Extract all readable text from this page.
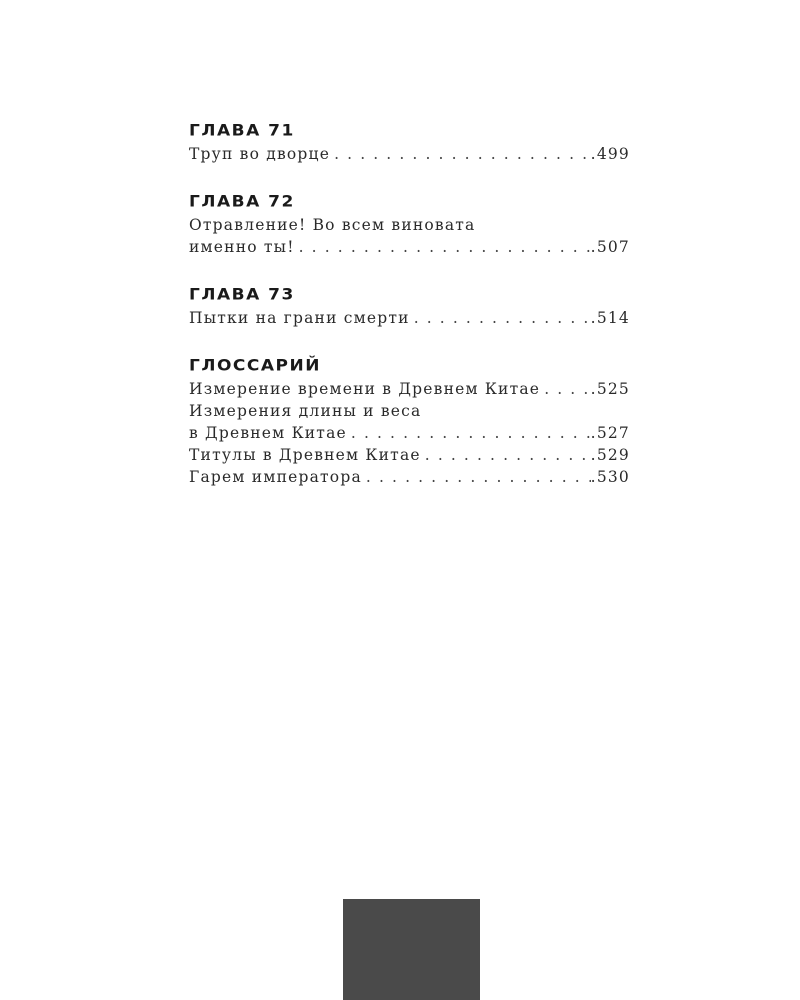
ГЛАВА 71
Труп во дворце . . .	. 499
ГЛАВА 72
Отравление! Во всем виновата
именно ты! . . .	. 507
ГЛАВА 73
Пытки на грани смерти . . .	. 514
ГЛОССАРИЙ
Измерение времени в Древнем Китае . . .	. 525
Измерения длины и веса
в Древнем Китае . . .	. 527
Титулы в Древнем Китае . . .	. 529
Гарем императора . . .	. 530
